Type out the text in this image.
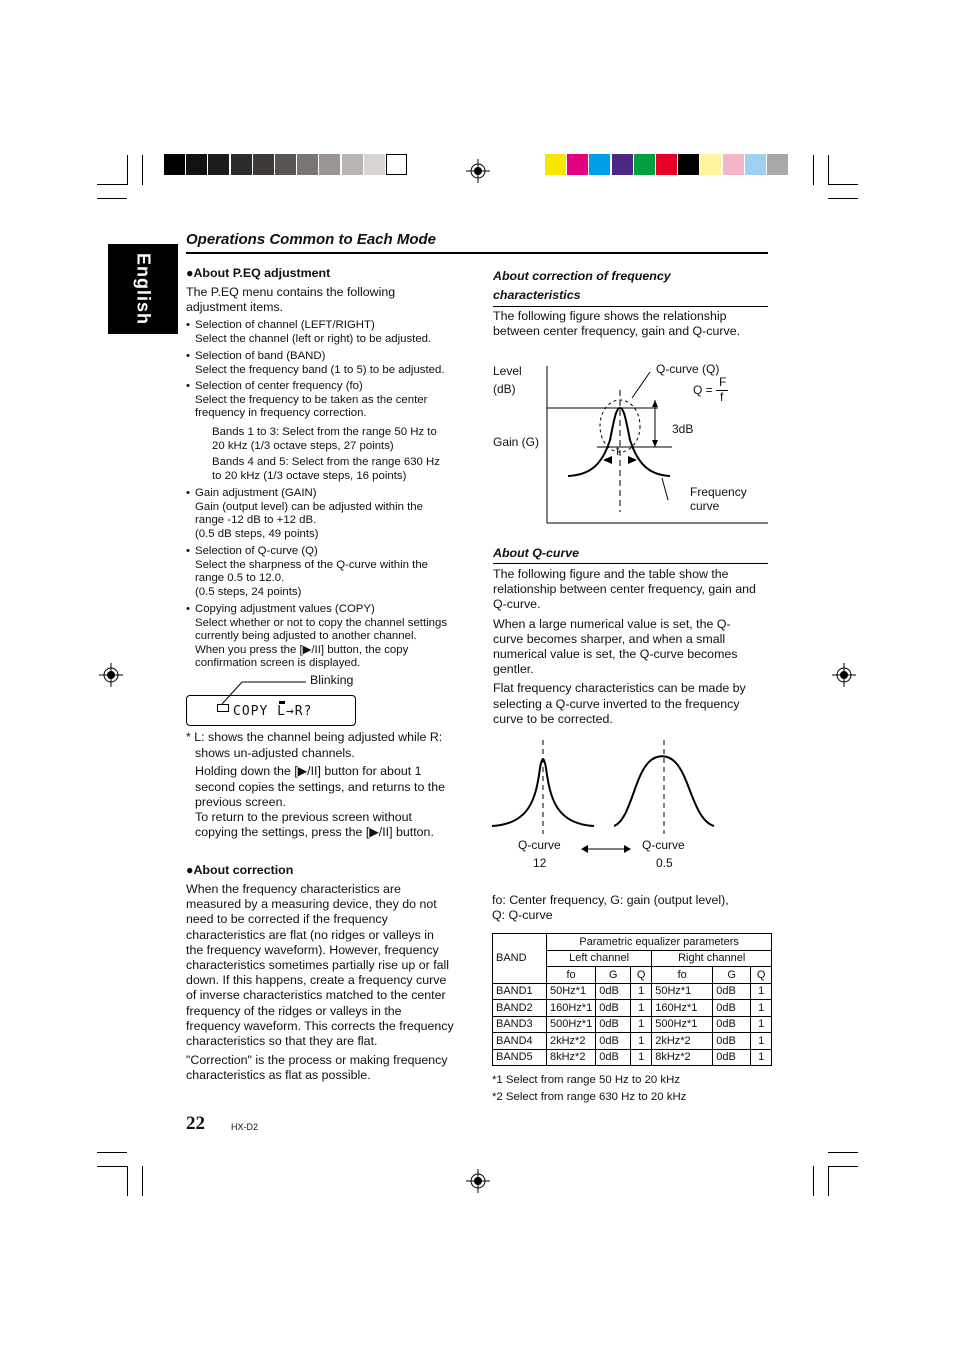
English
Operations Common to Each Mode
●About P.EQ adjustment
The P.EQ menu contains the following adjustment items.
• Selection of channel (LEFT/RIGHT)
Select the channel (left or right) to be adjusted.
• Selection of band (BAND)
Select the frequency band (1 to 5) to be adjusted.
• Selection of center frequency (fo)
Select the frequency to be taken as the center
frequency in frequency correction.
• Gain adjustment (GAIN)
Gain (output level) can be adjusted within the
range -12 dB to +12 dB.
(0.5 dB steps, 49 points)
• Selection of Q-curve (Q)
Select the sharpness of the Q-curve within the
range 0.5 to 12.0.
(0.5 steps, 24 points)
• Copying adjustment values (COPY)
Select whether or not to copy the channel settings
currently being adjusted to another channel.
When you press the [▶/II] button, the copy
confirmation screen is displayed.
Bands 1 to 3: Select from the range 50 Hz to
20 kHz (1/3 octave steps, 27 points)
Bands 4 and 5: Select from the range 630 Hz
to 20 kHz (1/3 octave steps, 16 points)
Blinking
COPY L→R?
* L: shows the channel being adjusted while R:
shows un-adjusted channels.
Holding down the [▶/II] button for about 1
second copies the settings, and returns to the
previous screen.
To return to the previous screen without
copying the settings, press the [▶/II] button.
●About correction
When the frequency characteristics are
measured by a measuring device, they do not
need to be corrected if the frequency
characteristics are flat (no ridges or valleys in
the frequency waveform). However, frequency
characteristics sometimes partially rise up or fall
down. If this happens, create a frequency curve
of inverse characteristics matched to the center
frequency of the ridges or valleys in the
frequency waveform. This corrects the frequency
characteristics so that they are flat.
"Correction" is the process or making frequency
characteristics as flat as possible.
About correction of frequency
characteristics
The following figure shows the relationship
between center frequency, gain and Q-curve.
Level
(dB)
Gain (G)
Q-curve (Q)
Q =
F
f
f
3dB
Frequency
curve
About Q-curve
The following figure and the table show the
relationship between center frequency, gain and
Q-curve.
When a large numerical value is set, the Q-
curve becomes sharper, and when a small
numerical value is set, the Q-curve becomes
gentler.
Flat frequency characteristics can be made by
selecting a Q-curve inverted to the frequency
curve to be corrected.
Q-curve
12
Q-curve
0.5
fo: Center frequency, G: gain (output level),
Q: Q-curve
BAND	Parametric equalizer parameters					
	Left channel			Right channel		
	fo	G	Q	fo	G	Q
BAND1	50Hz*1	0dB	1	50Hz*1	0dB	1
BAND2	160Hz*1	0dB	1	160Hz*1	0dB	1
BAND3	500Hz*1	0dB	1	500Hz*1	0dB	1
BAND4	2kHz*2	0dB	1	2kHz*2	0dB	1
BAND5	8kHz*2	0dB	1	8kHz*2	0dB	1
*1 Select from range 50 Hz to 20 kHz
*2 Select from range 630 Hz to 20 kHz
22	HX-D2
